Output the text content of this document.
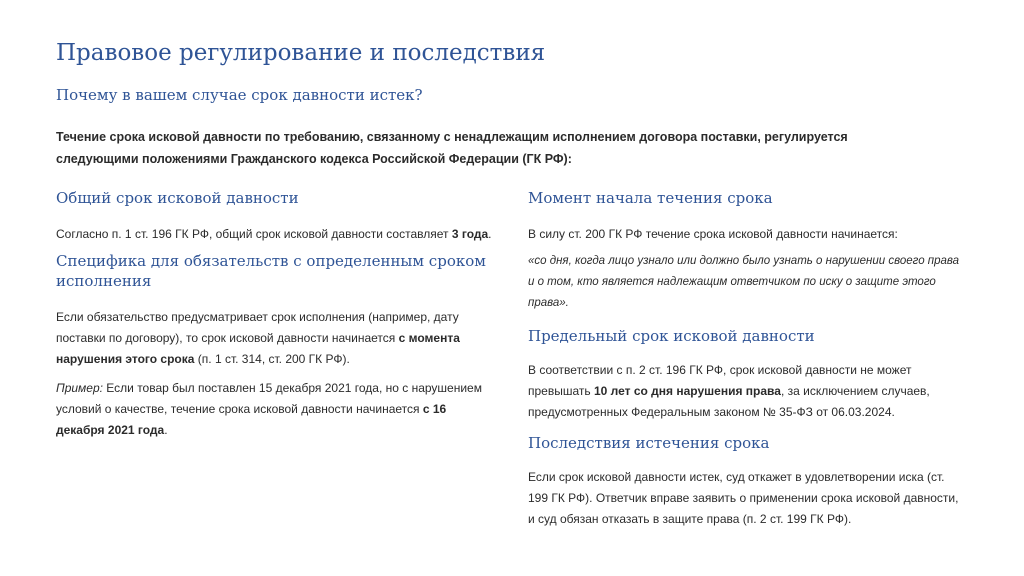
Правовое регулирование и последствия
Почему в вашем случае срок давности истек?

Течение срока исковой давности по требованию, связанному с ненадлежащим исполнением договора поставки, регулируется следующими положениями Гражданского кодекса Российской Федерации (ГК РФ):

Общий срок исковой давности

Согласно п. 1 ст. 196 ГК РФ, общий срок исковой давности составляет 3 года.

Специфика для обязательств с определенным сроком исполнения

Если обязательство предусматривает срок исполнения (например, дату поставки по договору), то срок исковой давности начинается с момента нарушения этого срока (п. 1 ст. 314, ст. 200 ГК РФ).

Пример: Если товар был поставлен 15 декабря 2021 года, но с нарушением условий о качестве, течение срока исковой давности начинается с 16 декабря 2021 года.

Момент начала течения срока

В силу ст. 200 ГК РФ течение срока исковой давности начинается:

«со дня, когда лицо узнало или должно было узнать о нарушении своего права и о том, кто является надлежащим ответчиком по иску о защите этого права».

Предельный срок исковой давности

В соответствии с п. 2 ст. 196 ГК РФ, срок исковой давности не может превышать 10 лет со дня нарушения права, за исключением случаев, предусмотренных Федеральным законом № 35-ФЗ от 06.03.2024.

Последствия истечения срока

Если срок исковой давности истек, суд откажет в удовлетворении иска (ст. 199 ГК РФ). Ответчик вправе заявить о применении срока исковой давности, и суд обязан отказать в защите права (п. 2 ст. 199 ГК РФ).
